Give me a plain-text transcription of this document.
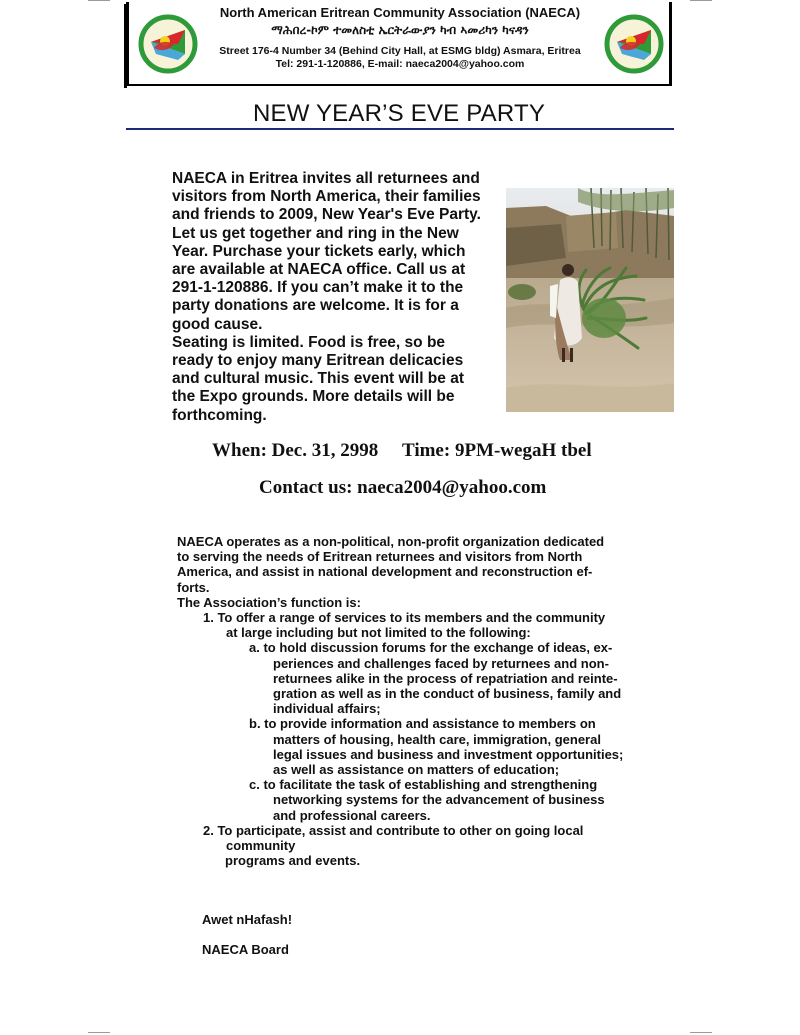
North American Eritrean Community Association (NAECA)
ማሕበረ-ኮም ተመለስቲ ኤርትራውያን ካብ ኣመሪካን ካናዳን
Street 176-4 Number 34 (Behind City Hall, at ESMG bldg) Asmara, Eritrea
Tel: 291-1-120886, E-mail: naeca2004@yahoo.com
NEW YEAR’S EVE PARTY
NAECA in Eritrea invites all returnees and
visitors from North America, their families
and friends to 2009, New Year's Eve Party.
Let us get together and ring in the New
Year. Purchase your tickets early, which
are available at NAECA office. Call us at
291-1-120886. If you can’t make it to the
party donations are welcome. It is for a
good cause.
Seating is limited. Food is free, so be
ready to enjoy many Eritrean delicacies
and cultural music. This event will be at
the Expo grounds. More details will be
forthcoming.
When: Dec. 31, 2998 Time: 9PM-wegaH tbel
Contact us: naeca2004@yahoo.com
NAECA operates as a non-political, non-profit organization dedicated
to serving the needs of Eritrean returnees and visitors from North
America, and assist in national development and reconstruction ef-
forts.
The Association’s function is:
1. To offer a range of services to its members and the community
at large including but not limited to the following:
a. to hold discussion forums for the exchange of ideas, ex-
periences and challenges faced by returnees and non-
returnees alike in the process of repatriation and reinte-
gration as well as in the conduct of business, family and
individual affairs;
b. to provide information and assistance to members on
matters of housing, health care, immigration, general
legal issues and business and investment opportunities;
as well as assistance on matters of education;
c. to facilitate the task of establishing and strengthening
networking systems for the advancement of business
and professional careers.
2. To participate, assist and contribute to other on going local
community
programs and events.
Awet nHafash!
NAECA Board
